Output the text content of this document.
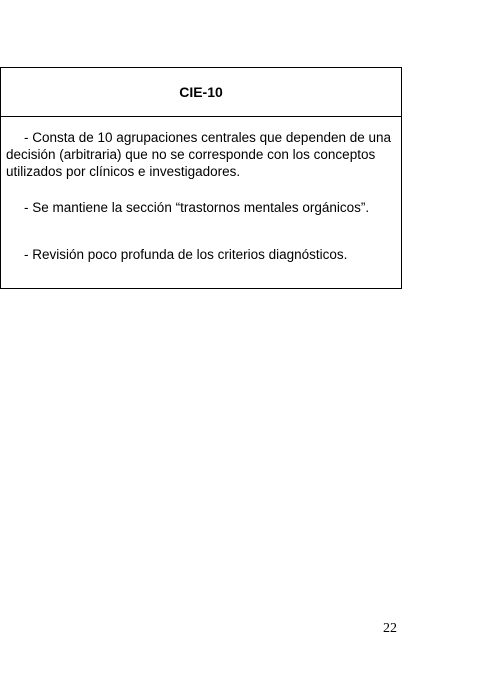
CIE-10

- Consta de 10 agrupaciones centrales que dependen de una decisión (arbitraria) que no se corresponde con los conceptos utilizados por clínicos e investigadores.

- Se mantiene la sección “trastornos mentales orgánicos”.

- Revisión poco profunda de los criterios diagnósticos.

22
